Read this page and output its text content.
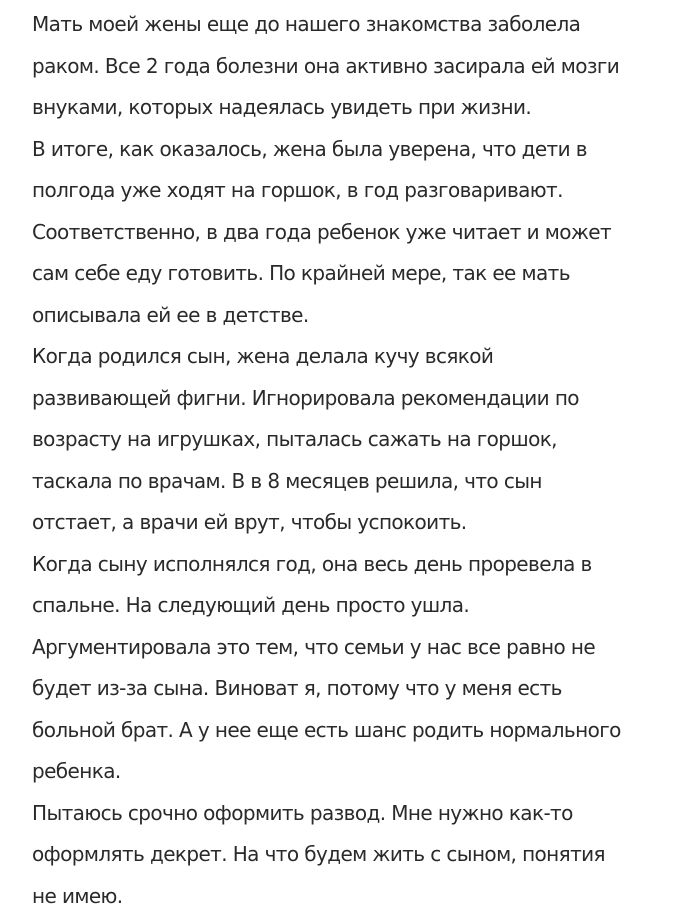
Мать моей жены еще до нашего знакомства заболела
раком. Все 2 года болезни она активно засирала ей мозги
внуками, которых надеялась увидеть при жизни.
В итоге, как оказалось, жена была уверена, что дети в
полгода уже ходят на горшок, в год разговаривают.
Соответственно, в два года ребенок уже читает и может
сам себе еду готовить. По крайней мере, так ее мать
описывала ей ее в детстве.
Когда родился сын, жена делала кучу всякой
развивающей фигни. Игнорировала рекомендации по
возрасту на игрушках, пыталась сажать на горшок,
таскала по врачам. В в 8 месяцев решила, что сын
отстает, а врачи ей врут, чтобы успокоить.
Когда сыну исполнялся год, она весь день проревела в
спальне. На следующий день просто ушла.
Аргументировала это тем, что семьи у нас все равно не
будет из-за сына. Виноват я, потому что у меня есть
больной брат. А у нее еще есть шанс родить нормального
ребенка.
Пытаюсь срочно оформить развод. Мне нужно как-то
оформлять декрет. На что будем жить с сыном, понятия
не имею.
